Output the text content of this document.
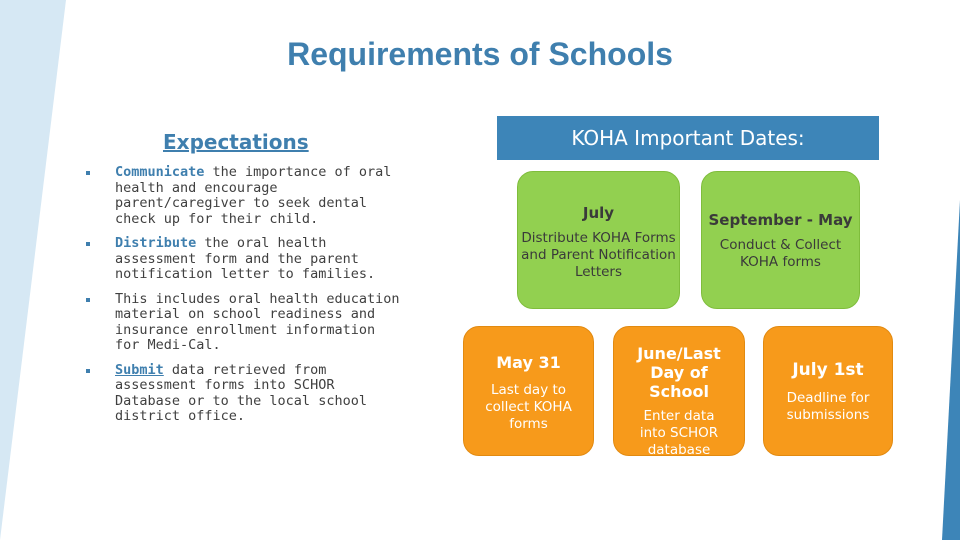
Requirements of Schools
Expectations
Communicate the importance of oral health and encourage parent/caregiver to seek dental check up for their child.
Distribute the oral health assessment form and the parent notification letter to families.
This includes oral health education material on school readiness and insurance enrollment information for Medi-Cal.
Submit data retrieved from assessment forms into SCHOR Database or to the local school district office.
KOHA Important Dates:
July
Distribute KOHA Forms and Parent Notification Letters
September - May
Conduct & Collect KOHA forms
May 31
Last day to collect KOHA forms
June/Last Day of School
Enter data into SCHOR database
July 1st
Deadline for submissions
